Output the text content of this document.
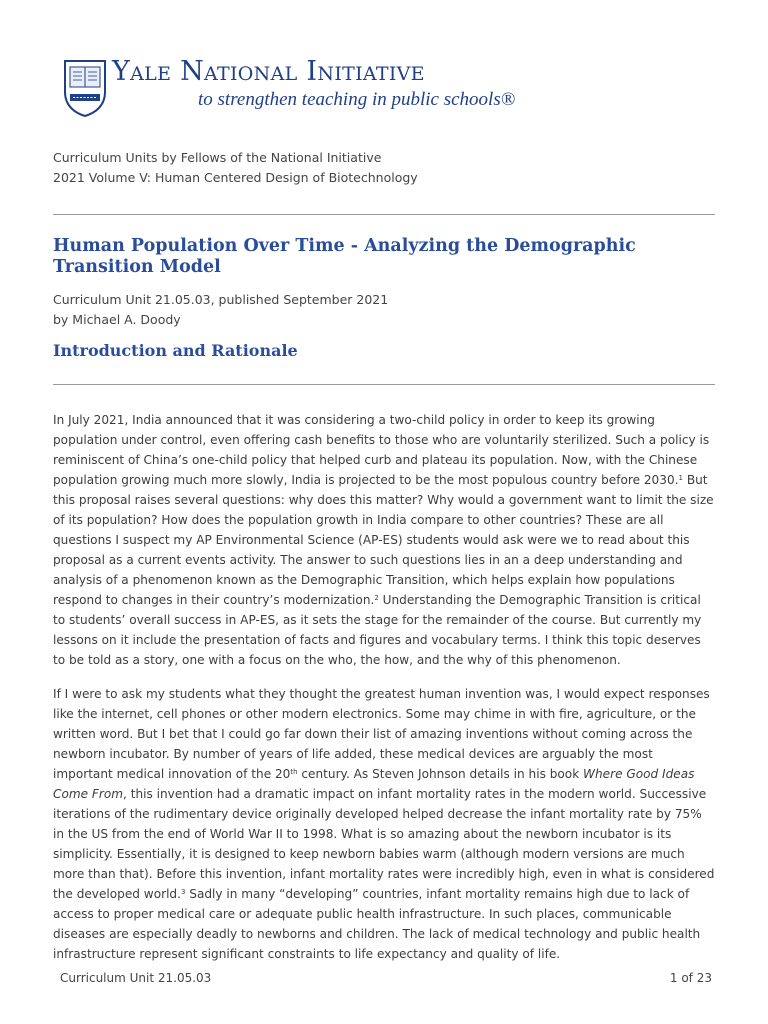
Yale National Initiative
to strengthen teaching in public schools®
Curriculum Units by Fellows of the National Initiative
2021 Volume V: Human Centered Design of Biotechnology
Human Population Over Time - Analyzing the Demographic Transition Model
Curriculum Unit 21.05.03, published September 2021
by Michael A. Doody
Introduction and Rationale

In July 2021, India announced that it was considering a two-child policy in order to keep its growing population under control, even offering cash benefits to those who are voluntarily sterilized. Such a policy is reminiscent of China’s one-child policy that helped curb and plateau its population. Now, with the Chinese population growing much more slowly, India is projected to be the most populous country before 2030.$^1$ But this proposal raises several questions: why does this matter? Why would a government want to limit the size of its population? How does the population growth in India compare to other countries? These are all questions I suspect my AP Environmental Science (AP-ES) students would ask were we to read about this proposal as a current events activity. The answer to such questions lies in an a deep understanding and analysis of a phenomenon known as the Demographic Transition, which helps explain how populations respond to changes in their country’s modernization.$^2$ Understanding the Demographic Transition is critical to students’ overall success in AP-ES, as it sets the stage for the remainder of the course. But currently my lessons on it include the presentation of facts and figures and vocabulary terms. I think this topic deserves to be told as a story, one with a focus on the who, the how, and the why of this phenomenon.

If I were to ask my students what they thought the greatest human invention was, I would expect responses like the internet, cell phones or other modern electronics. Some may chime in with fire, agriculture, or the written word. But I bet that I could go far down their list of amazing inventions without coming across the newborn incubator. By number of years of life added, these medical devices are arguably the most important medical innovation of the 20th century. As Steven Johnson details in his book Where Good Ideas Come From, this invention had a dramatic impact on infant mortality rates in the modern world. Successive iterations of the rudimentary device originally developed helped decrease the infant mortality rate by 75% in the US from the end of World War II to 1998. What is so amazing about the newborn incubator is its simplicity. Essentially, it is designed to keep newborn babies warm (although modern versions are much more than that). Before this invention, infant mortality rates were incredibly high, even in what is considered the developed world.$^3$ Sadly in many “developing” countries, infant mortality remains high due to lack of access to proper medical care or adequate public health infrastructure. In such places, communicable diseases are especially deadly to newborns and children. The lack of medical technology and public health infrastructure represent significant constraints to life expectancy and quality of life.

Curriculum Unit 21.05.03	1 of 23
